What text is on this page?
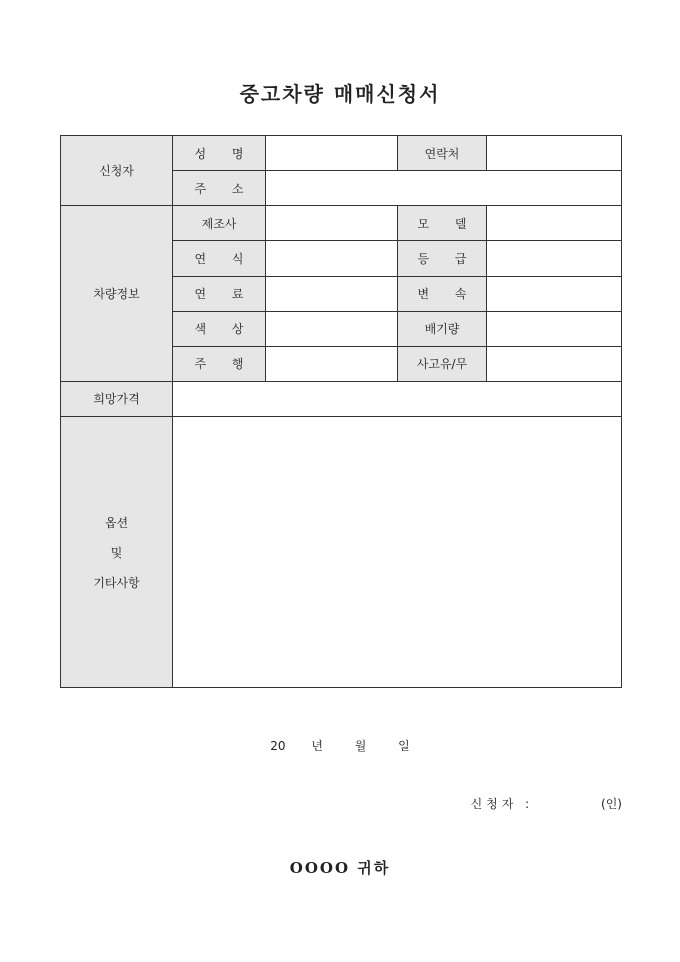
중고차량 매매신청서
신청자	성 명		연락처	
	주 소			
차량정보	제조사		모 델	
	연 식		등 급	
	연 료		변 속	
	색 상		배기량	
	주 행		사고유/무	
희망가격				

옵션
및
기타사항				

20 년	월	일
신청자 :	(인)
OOOO 귀하
